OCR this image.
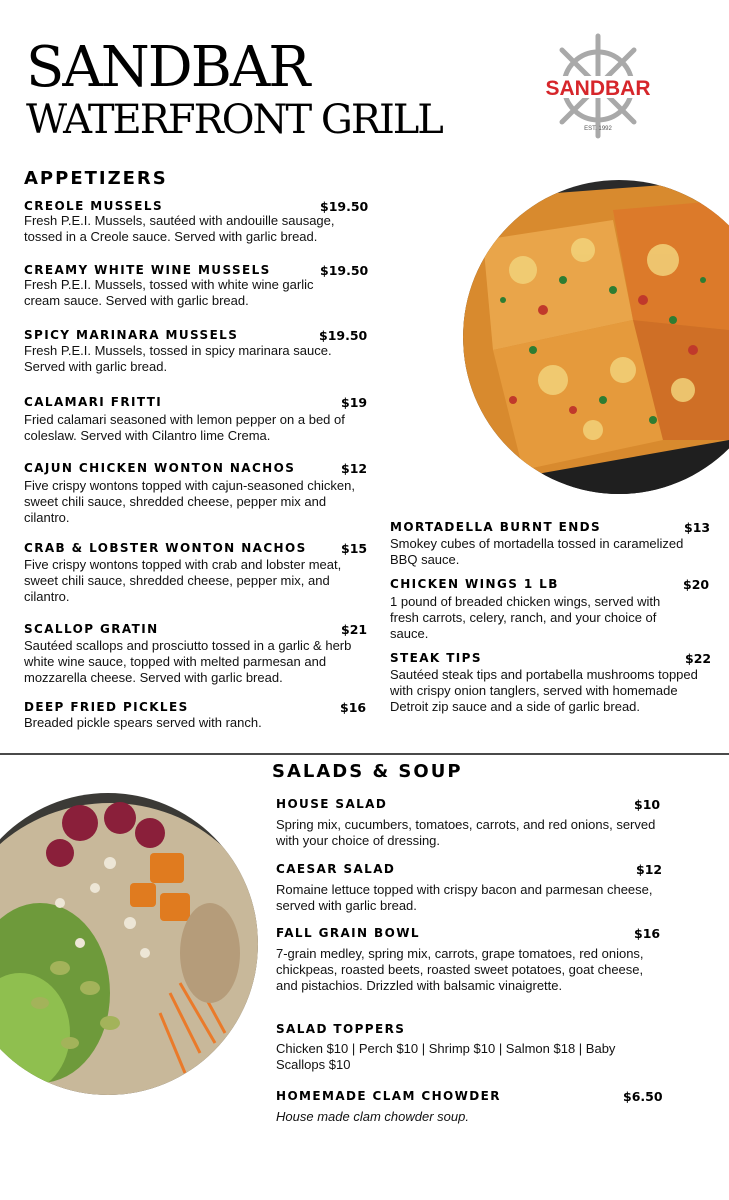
SANDBAR
WATERFRONT GRILL
SANDBAR
EST. 1992
APPETIZERS
CREOLE MUSSELS	$19.50
Fresh P.E.I. Mussels, sautéed with andouille sausage, tossed in a Creole sauce. Served with garlic bread.
CREAMY WHITE WINE MUSSELS	$19.50
Fresh P.E.I. Mussels, tossed with white wine garlic cream sauce. Served with garlic bread.
SPICY MARINARA MUSSELS	$19.50
Fresh P.E.I. Mussels, tossed in spicy marinara sauce. Served with garlic bread.
CALAMARI FRITTI	$19
Fried calamari seasoned with lemon pepper on a bed of coleslaw. Served with Cilantro lime Crema.
CAJUN CHICKEN WONTON NACHOS	$12
Five crispy wontons topped with cajun-seasoned chicken, sweet chili sauce, shredded cheese, pepper mix and cilantro.
CRAB & LOBSTER WONTON NACHOS	$15
Five crispy wontons topped with crab and lobster meat, sweet chili sauce, shredded cheese, pepper mix, and cilantro.
SCALLOP GRATIN	$21
Sautéed scallops and prosciutto tossed in a garlic & herb white wine sauce, topped with melted parmesan and mozzarella cheese. Served with garlic bread.
DEEP FRIED PICKLES	$16
Breaded pickle spears served with ranch.
MORTADELLA BURNT ENDS	$13
Smokey cubes of mortadella tossed in caramelized BBQ sauce.
CHICKEN WINGS 1 LB	$20
1 pound of breaded chicken wings, served with fresh carrots, celery, ranch, and your choice of sauce.
STEAK TIPS	$22
Sautéed steak tips and portabella mushrooms topped with crispy onion tanglers, served with homemade Detroit zip sauce and a side of garlic bread.
SALADS & SOUP
HOUSE SALAD	$10
Spring mix, cucumbers, tomatoes, carrots, and red onions, served with your choice of dressing.
CAESAR SALAD	$12
Romaine lettuce topped with crispy bacon and parmesan cheese, served with garlic bread.
FALL GRAIN BOWL	$16
7-grain medley, spring mix, carrots, grape tomatoes, red onions, chickpeas, roasted beets, roasted sweet potatoes, goat cheese, and pistachios. Drizzled with balsamic vinaigrette.
SALAD TOPPERS
Chicken $10 | Perch $10 | Shrimp $10 | Salmon $18 | Baby Scallops $10
HOMEMADE CLAM CHOWDER	$6.50
House made clam chowder soup.
